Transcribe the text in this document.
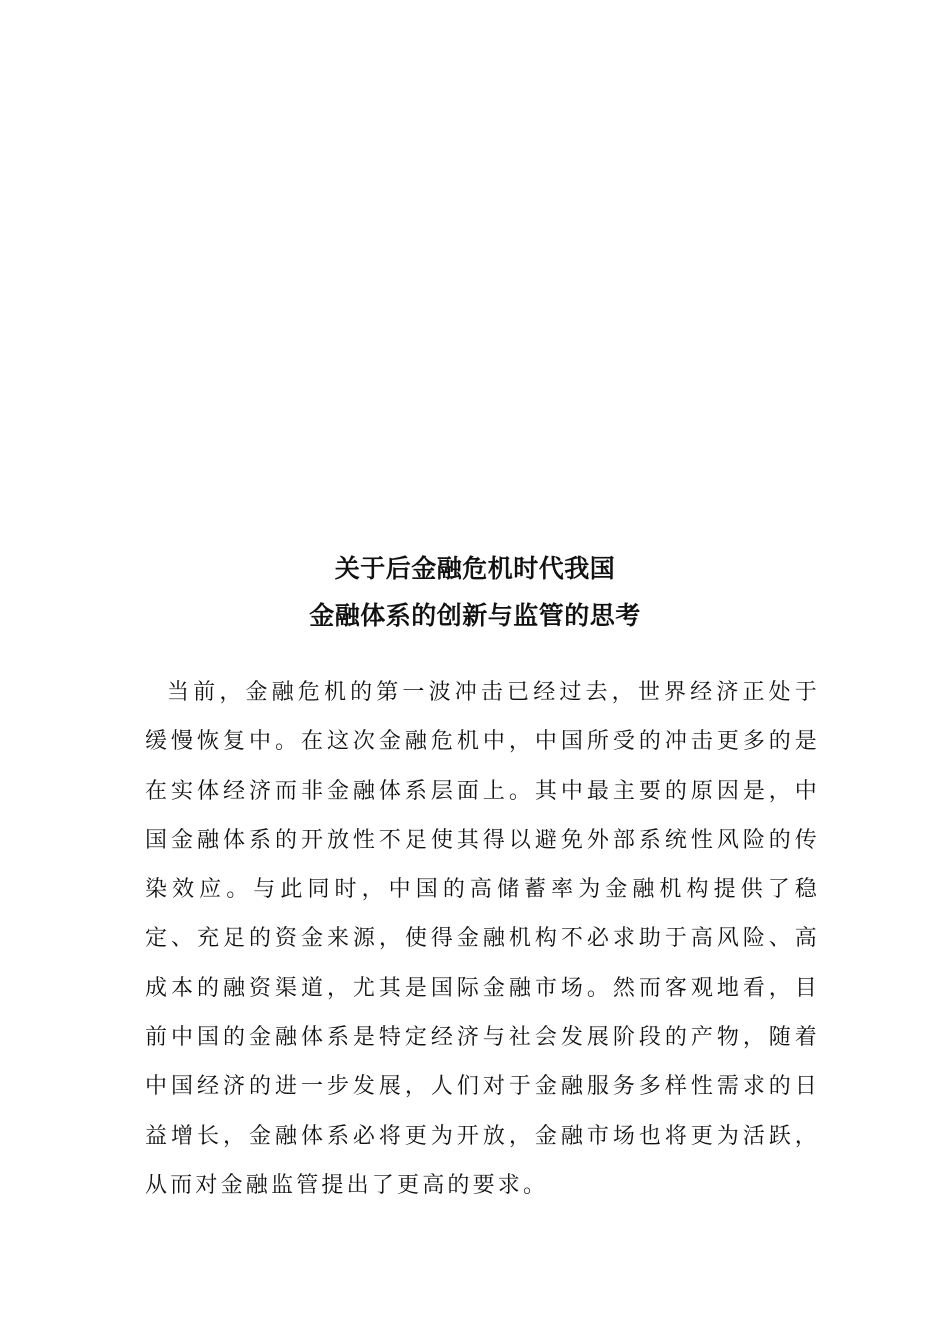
关于后金融危机时代我国
金融体系的创新与监管的思考

当前，金融危机的第一波冲击已经过去，世界经济正处于缓慢恢复中。在这次金融危机中，中国所受的冲击更多的是在实体经济而非金融体系层面上。其中最主要的原因是，中国金融体系的开放性不足使其得以避免外部系统性风险的传染效应。与此同时，中国的高储蓄率为金融机构提供了稳定、充足的资金来源，使得金融机构不必求助于高风险、高成本的融资渠道，尤其是国际金融市场。然而客观地看，目前中国的金融体系是特定经济与社会发展阶段的产物，随着中国经济的进一步发展，人们对于金融服务多样性需求的日益增长，金融体系必将更为开放，金融市场也将更为活跃，从而对金融监管提出了更高的要求。
